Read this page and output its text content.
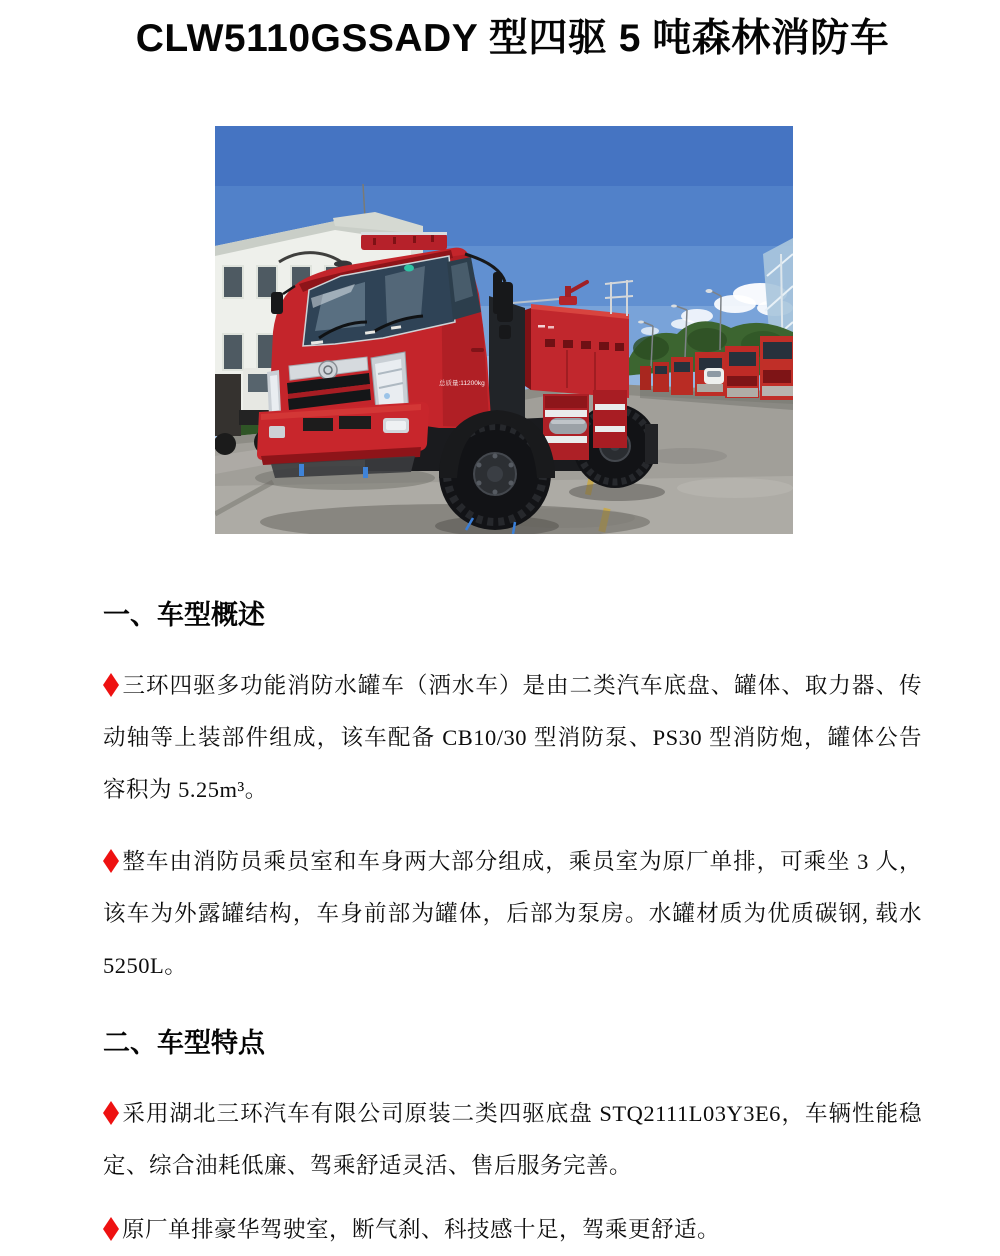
CLW5110GSSADY 型四驱 5 吨森林消防车
总质量:11200kg
一、车型概述

三环四驱多功能消防水罐车（洒水车）是由二类汽车底盘、罐体、取力器、传动轴等上装部件组成，该车配备 CB10/30 型消防泵、PS30 型消防炮，罐体公告容积为 5.25m³。

整车由消防员乘员室和车身两大部分组成，乘员室为原厂单排，可乘坐 3 人，该车为外露罐结构，车身前部为罐体，后部为泵房。水罐材质为优质碳钢, 载水 5250L。

二、车型特点

采用湖北三环汽车有限公司原装二类四驱底盘 STQ2111L03Y3E6，车辆性能稳定、综合油耗低廉、驾乘舒适灵活、售后服务完善。

原厂单排豪华驾驶室，断气刹、科技感十足，驾乘更舒适。
